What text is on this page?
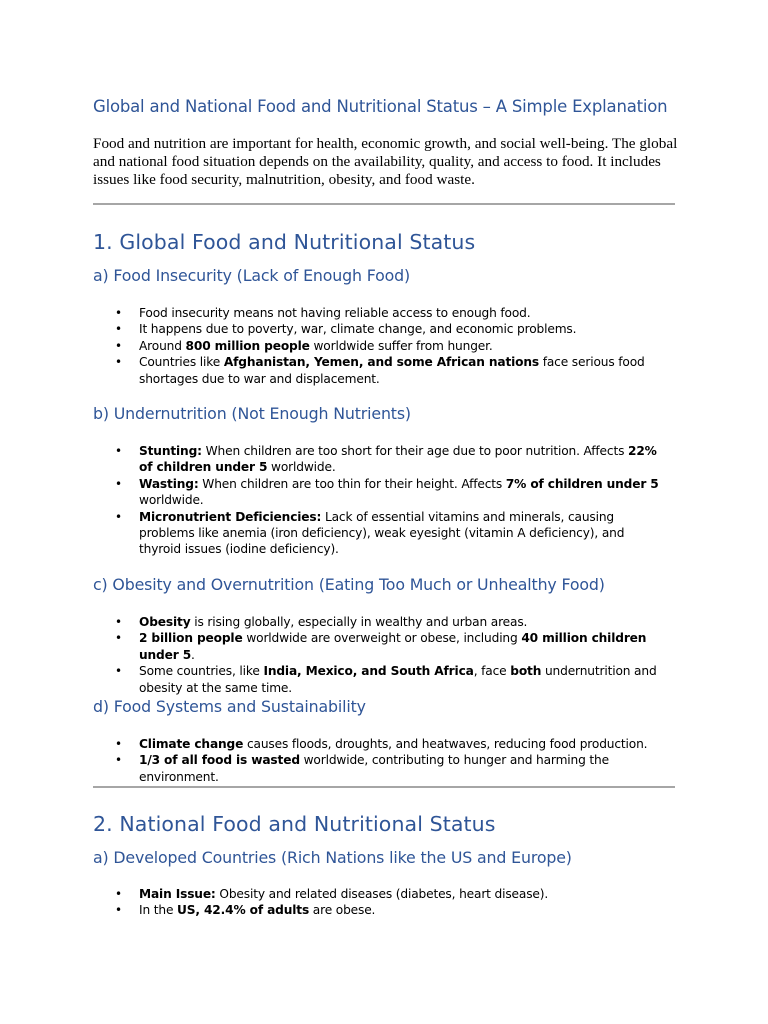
Global and National Food and Nutritional Status – A Simple Explanation
Food and nutrition are important for health, economic growth, and social well-being. The global and national food situation depends on the availability, quality, and access to food. It includes issues like food security, malnutrition, obesity, and food waste.
1. Global Food and Nutritional Status
a) Food Insecurity (Lack of Enough Food)
• Food insecurity means not having reliable access to enough food.
• It happens due to poverty, war, climate change, and economic problems.
• Around 800 million people worldwide suffer from hunger.
• Countries like Afghanistan, Yemen, and some African nations face serious food shortages due to war and displacement.
b) Undernutrition (Not Enough Nutrients)
• Stunting: When children are too short for their age due to poor nutrition. Affects 22% of children under 5 worldwide.
• Wasting: When children are too thin for their height. Affects 7% of children under 5 worldwide.
• Micronutrient Deficiencies: Lack of essential vitamins and minerals, causing problems like anemia (iron deficiency), weak eyesight (vitamin A deficiency), and thyroid issues (iodine deficiency).
c) Obesity and Overnutrition (Eating Too Much or Unhealthy Food)
• Obesity is rising globally, especially in wealthy and urban areas.
• 2 billion people worldwide are overweight or obese, including 40 million children under 5.
• Some countries, like India, Mexico, and South Africa, face both undernutrition and obesity at the same time.
d) Food Systems and Sustainability
• Climate change causes floods, droughts, and heatwaves, reducing food production.
• 1/3 of all food is wasted worldwide, contributing to hunger and harming the environment.
2. National Food and Nutritional Status
a) Developed Countries (Rich Nations like the US and Europe)
• Main Issue: Obesity and related diseases (diabetes, heart disease).
• In the US, 42.4% of adults are obese.
